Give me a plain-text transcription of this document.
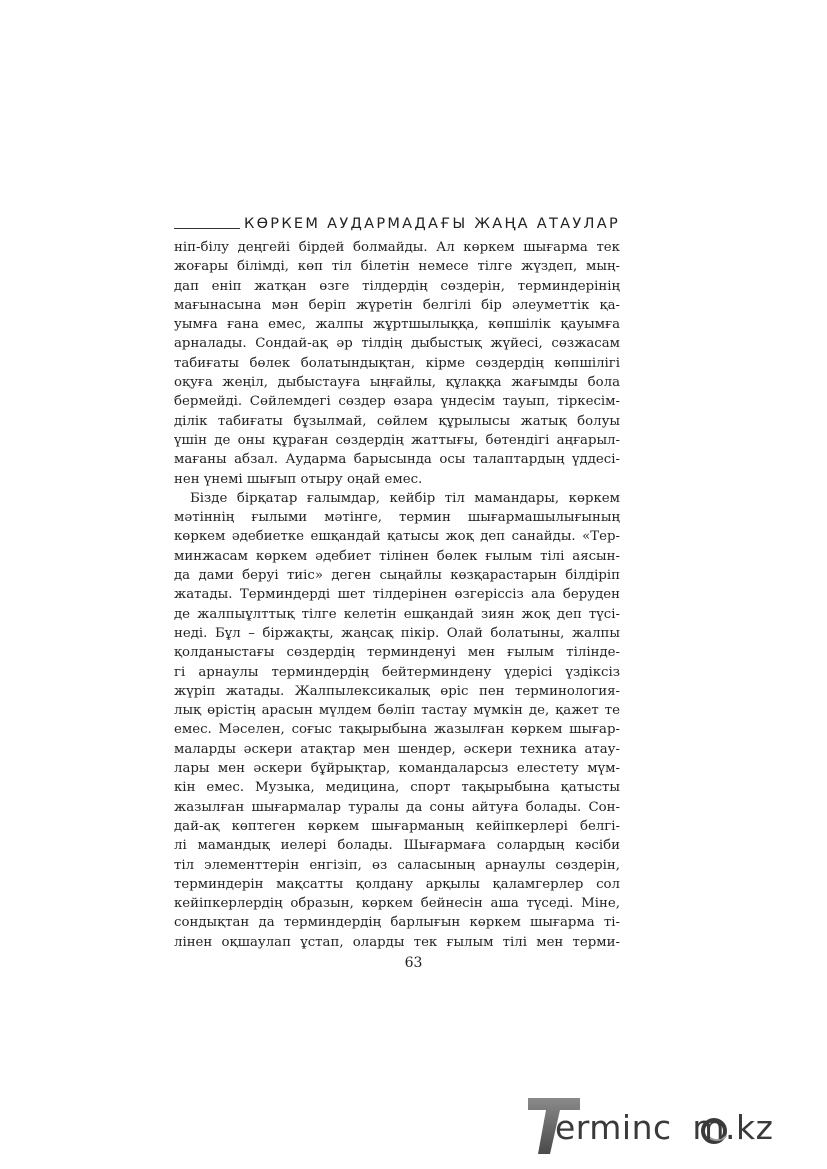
КӨРКЕМ АУДАРМАДАҒЫ ЖАҢА АТАУЛАР
ніп-білу деңгейі бірдей болмайды. Ал көркем шығарма тек
жоғары білімді, көп тіл білетін немесе тілге жүздеп, мың-
дап еніп жатқан өзге тілдердің сөздерін, терминдерінің
мағынасына мән беріп жүретін белгілі бір әлеуметтік қа-
уымға ғана емес, жалпы жұртшылыққа, көпшілік қауымға
арналады. Сондай-ақ әр тілдің дыбыстық жүйесі, сөзжасам
табиғаты бөлек болатындықтан, кірме сөздердің көпшілігі
оқуға жеңіл, дыбыстауға ыңғайлы, құлаққа жағымды бола
бермейді. Сөйлемдегі сөздер өзара үндесім тауып, тіркесім-
ділік табиғаты бұзылмай, сөйлем құрылысы жатық болуы
үшін де оны құраған сөздердің жаттығы, бөтендігі аңғарыл-
мағаны абзал. Аударма барысында осы талаптардың үддесі-
нен үнемі шығып отыру оңай емес.
Бізде бірқатар ғалымдар, кейбір тіл мамандары, көркем
мәтіннің ғылыми мәтінге, термин шығармашылығының
көркем әдебиетке ешқандай қатысы жоқ деп санайды. «Тер-
минжасам көркем әдебиет тілінен бөлек ғылым тілі аясын-
да дами беруі тиіс» деген сыңайлы көзқарастарын білдіріп
жатады. Терминдерді шет тілдерінен өзгеріссіз ала беруден
де жалпыұлттық тілге келетін ешқандай зиян жоқ деп түсі-
неді. Бұл – біржақты, жаңсақ пікір. Олай болатыны, жалпы
қолданыстағы сөздердің терминденуі мен ғылым тіліндe-
гі арнаулы терминдердің бейтерминдену үдерісі үздіксіз
жүріп жатады. Жалпылексикалық өріс пен терминология-
лық өрістің арасын мүлдем бөліп тастау мүмкін де, қажет те
емес. Мәселен, соғыс тақырыбына жазылған көркем шығар-
маларды әскери атақтар мен шендер, әскери техника атау-
лары мен әскери бұйрықтар, командаларсыз елестету мүм-
кін емес. Музыка, медицина, спорт тақырыбына қатысты
жазылған шығармалар туралы да соны айтуға болады. Сон-
дай-ақ көптеген көркем шығарманың кейіпкерлері белгі-
лі мамандық иелері болады. Шығармаға солардың кәсіби
тіл элементтерін енгізіп, өз саласының арнаулы сөздерін,
терминдерін мақсатты қолдану арқылы қаламгерлер сол
кейіпкерлердің образын, көркем бейнесін аша түседі. Міне,
сондықтан да терминдердің барлығын көркем шығарма ті-
лінен оқшаулап ұстап, оларды тек ғылым тілі мен терми-
63
erminc m.kz
